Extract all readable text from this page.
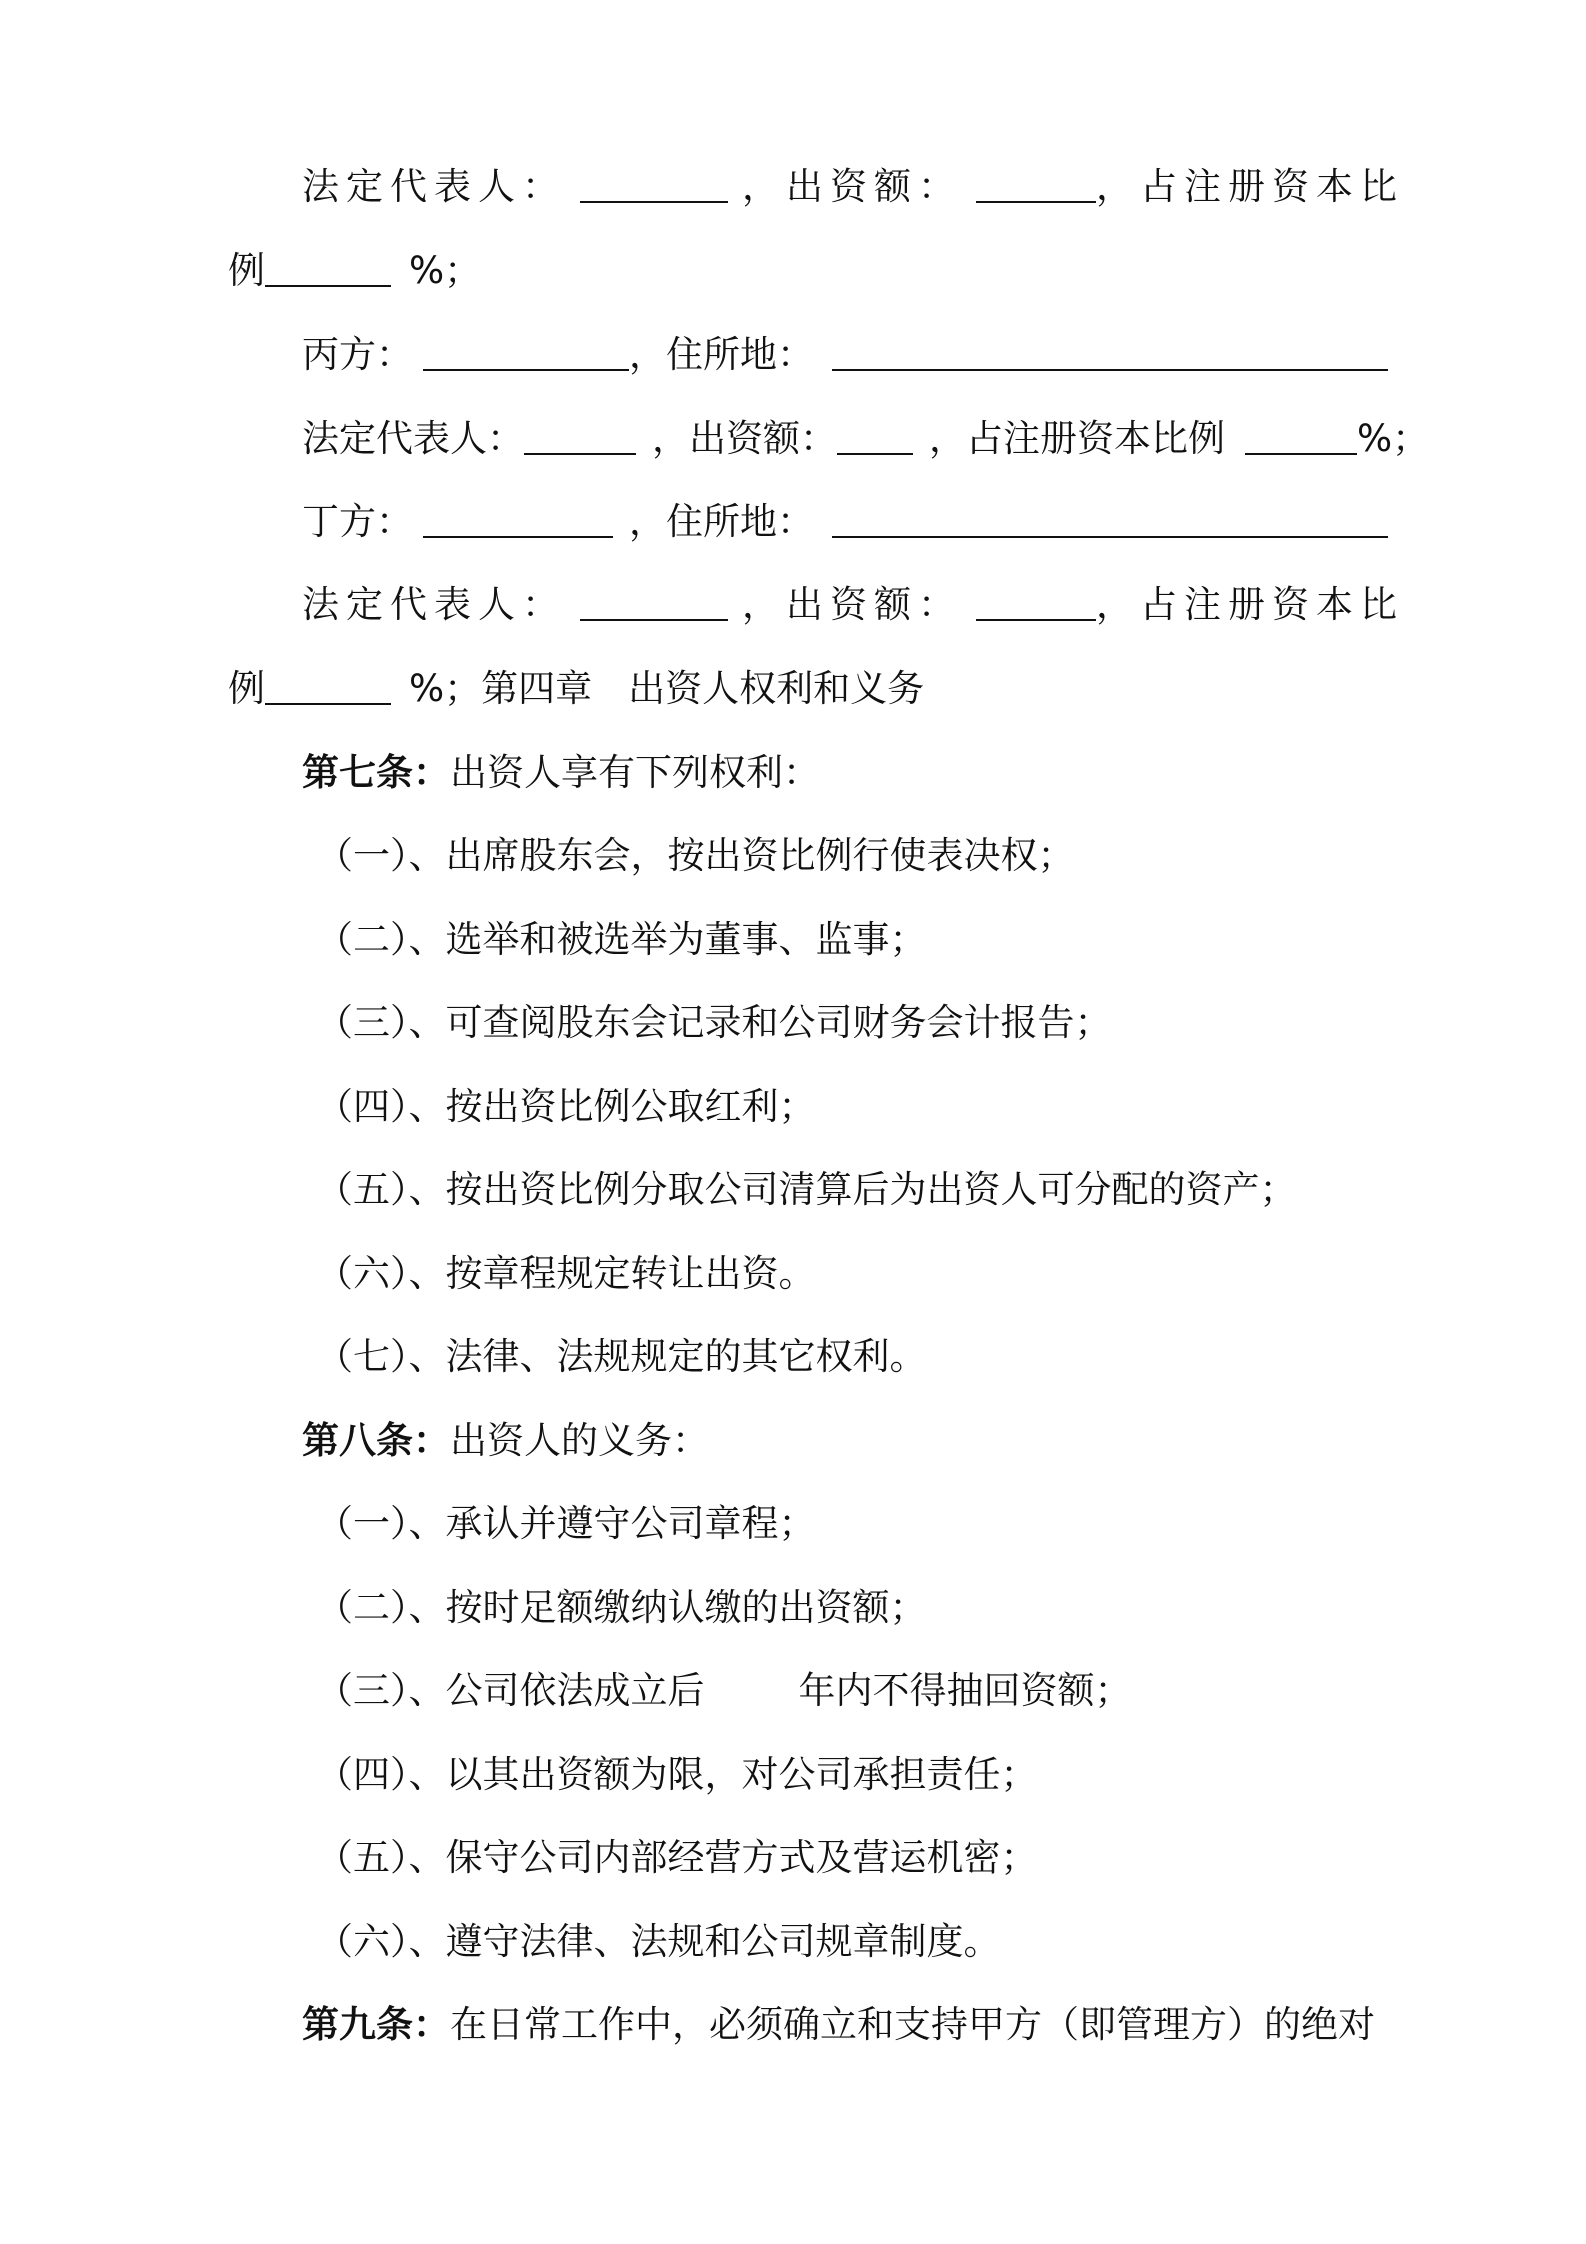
法定代表人：	，出资额：	，占注册资本比
例	%；
丙方：	，住所地：
法定代表人：	，出资额： ，占注册资本比例	%；
丁方：	，住所地：
法定代表人：	，出资额：	，占注册资本比
例	%；第四章 出资人权利和义务
第七条：出资人享有下列权利：
（一）、出席股东会，按出资比例行使表决权；
（二）、选举和被选举为董事、监事；
（三）、可查阅股东会记录和公司财务会计报告；
（四）、按出资比例公取红利；
（五）、按出资比例分取公司清算后为出资人可分配的资产；
（六）、按章程规定转让出资。
（七）、法律、法规规定的其它权利。
第八条：出资人的义务：
（一）、承认并遵守公司章程；
（二）、按时足额缴纳认缴的出资额；
（三）、公司依法成立后	年内不得抽回资额；
（四）、以其出资额为限，对公司承担责任；
（五）、保守公司内部经营方式及营运机密；
（六）、遵守法律、法规和公司规章制度。
第九条：在日常工作中，必须确立和支持甲方（即管理方）的绝对
